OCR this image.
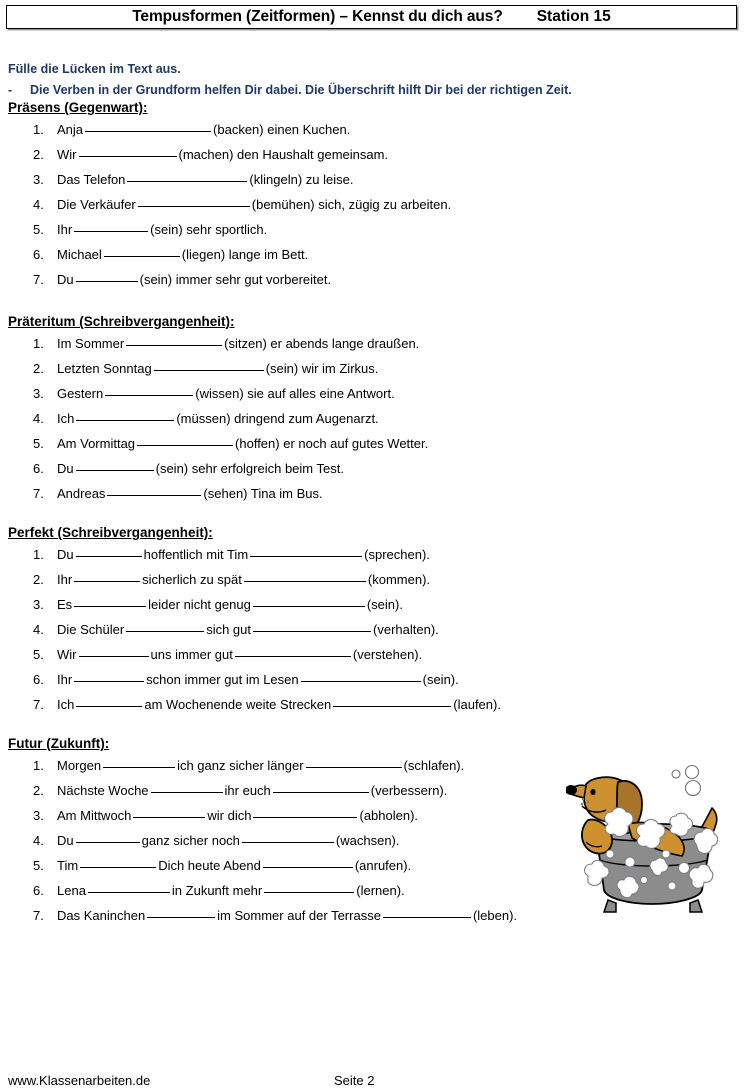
Tempusformen (Zeitformen) – Kennst du dich aus? Station 15
Fülle die Lücken im Text aus.
-	Die Verben in der Grundform helfen Dir dabei. Die Überschrift hilft Dir bei der richtigen Zeit.
Präsens (Gegenwart):
1.	Anja	(backen) einen Kuchen.
2.	Wir	(machen) den Haushalt gemeinsam.
3.	Das Telefon	(klingeln) zu leise.
4.	Die Verkäufer	(bemühen) sich, zügig zu arbeiten.
5.	Ihr	(sein) sehr sportlich.
6.	Michael	(liegen) lange im Bett.
7.	Du	(sein) immer sehr gut vorbereitet.
Präteritum (Schreibvergangenheit):
1.	Im Sommer	(sitzen) er abends lange draußen.
2.	Letzten Sonntag	(sein) wir im Zirkus.
3.	Gestern	(wissen) sie auf alles eine Antwort.
4.	Ich	(müssen) dringend zum Augenarzt.
5.	Am Vormittag	(hoffen) er noch auf gutes Wetter.
6.	Du	(sein) sehr erfolgreich beim Test.
7.	Andreas	(sehen) Tina im Bus.
Perfekt (Schreibvergangenheit):
1.	Du	hoffentlich mit Tim	(sprechen).
2.	Ihr	sicherlich zu spät	(kommen).
3.	Es	leider nicht genug	(sein).
4.	Die Schüler	sich gut	(verhalten).
5.	Wir	uns immer gut	(verstehen).
6.	Ihr	schon immer gut im Lesen	(sein).
7.	Ich	am Wochenende weite Strecken	(laufen).
Futur (Zukunft):
1.	Morgen	ich ganz sicher länger	(schlafen).
2.	Nächste Woche	ihr euch	(verbessern).
3.	Am Mittwoch	wir dich	(abholen).
4.	Du	ganz sicher noch	(wachsen).
5.	Tim	Dich heute Abend	(anrufen).
6.	Lena	in Zukunft mehr	(lernen).
7.	Das Kaninchen	im Sommer auf der Terrasse	(leben).
www.Klassenarbeiten.de	Seite 2
